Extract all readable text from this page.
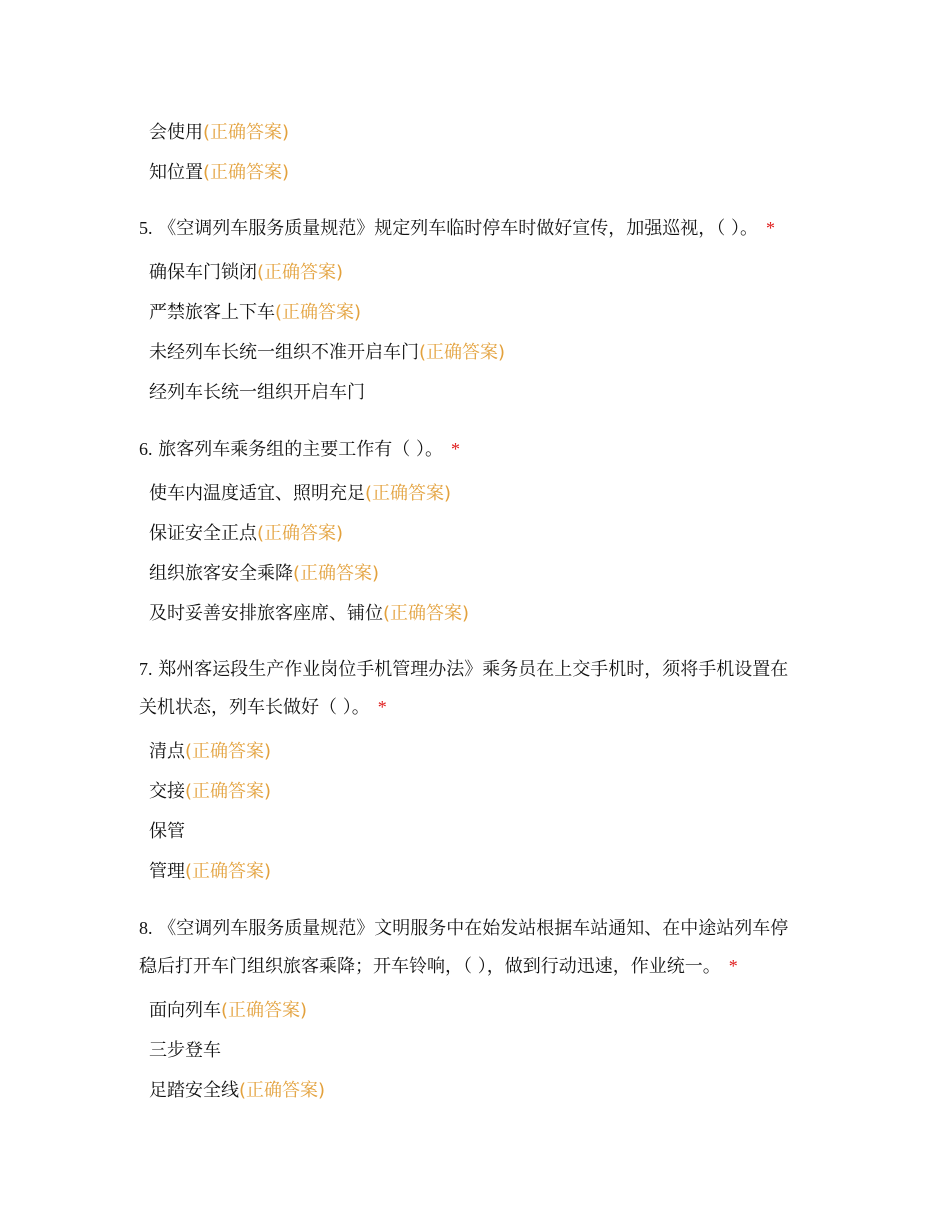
会使用(正确答案)
知位置(正确答案)
5. 《空调列车服务质量规范》规定列车临时停车时做好宣传，加强巡视，（ ）。 *
确保车门锁闭(正确答案)
严禁旅客上下车(正确答案)
未经列车长统一组织不准开启车门(正确答案)
经列车长统一组织开启车门
6. 旅客列车乘务组的主要工作有（ ）。 *
使车内温度适宜、照明充足(正确答案)
保证安全正点(正确答案)
组织旅客安全乘降(正确答案)
及时妥善安排旅客座席、铺位(正确答案)
7. 郑州客运段生产作业岗位手机管理办法》乘务员在上交手机时，须将手机设置在
关机状态，列车长做好（ ）。 *
清点(正确答案)
交接(正确答案)
保管
管理(正确答案)
8. 《空调列车服务质量规范》文明服务中在始发站根据车站通知、在中途站列车停
稳后打开车门组织旅客乘降；开车铃响，（ ），做到行动迅速，作业统一。 *
面向列车(正确答案)
三步登车
足踏安全线(正确答案)
